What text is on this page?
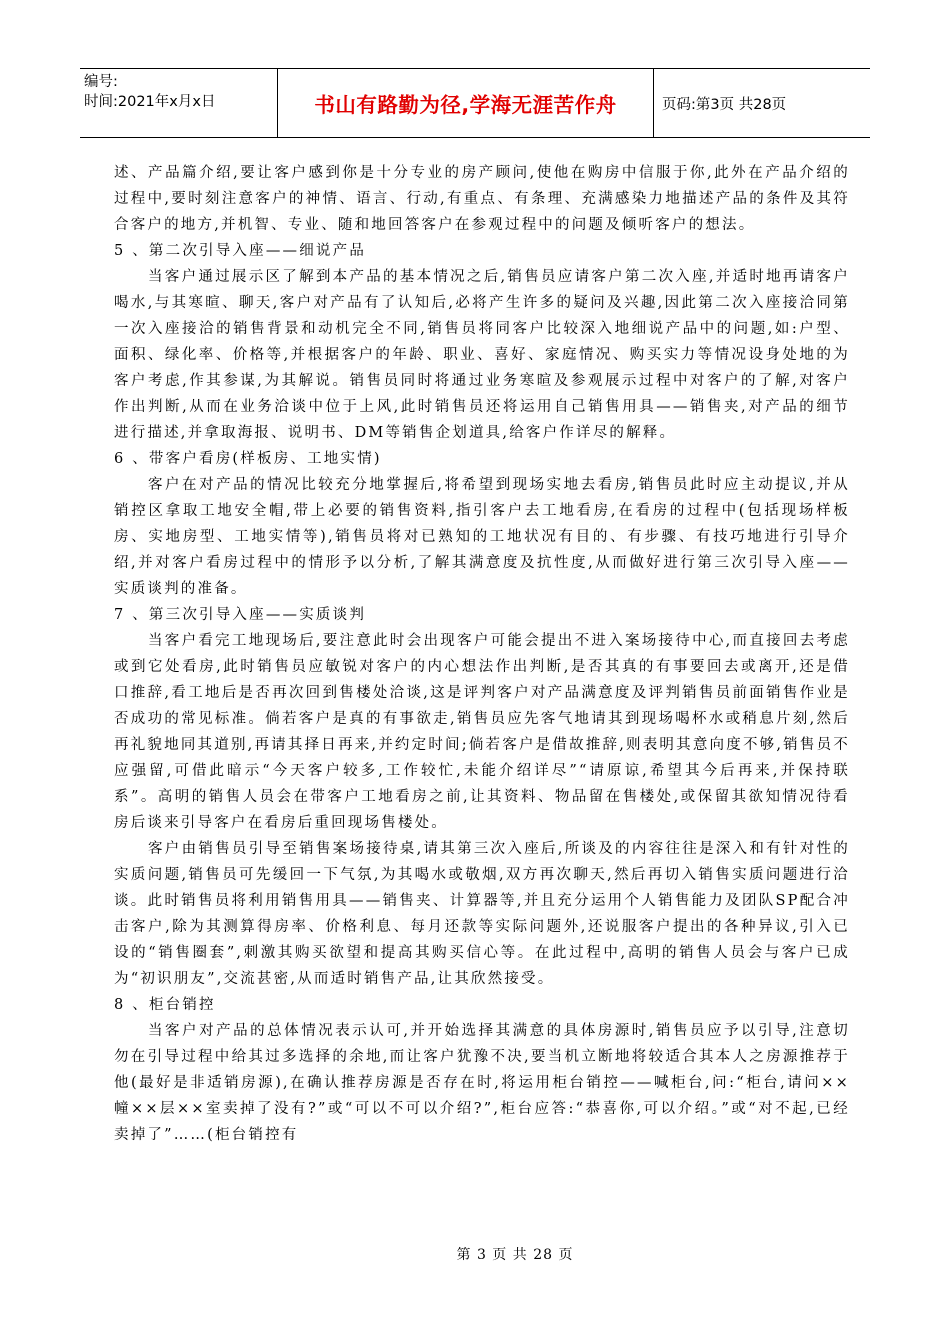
编号:
时间:2021年x月x日	书山有路勤为径,学海无涯苦作舟	页码:第3页 共28页

述、产品篇介绍,要让客户感到你是十分专业的房产顾问,使他在购房中信服于你,此外在产品介绍的过程中,要时刻注意客户的神情、语言、行动,有重点、有条理、充满感染力地描述产品的条件及其符合客户的地方,并机智、专业、随和地回答客户在参观过程中的问题及倾听客户的想法。

5 、第二次引导入座——细说产品

当客户通过展示区了解到本产品的基本情况之后,销售员应请客户第二次入座,并适时地再请客户喝水,与其寒暄、聊天,客户对产品有了认知后,必将产生许多的疑问及兴趣,因此第二次入座接洽同第一次入座接洽的销售背景和动机完全不同,销售员将同客户比较深入地细说产品中的问题,如:户型、面积、绿化率、价格等,并根据客户的年龄、职业、喜好、家庭情况、购买实力等情况设身处地的为客户考虑,作其参谋,为其解说。销售员同时将通过业务寒暄及参观展示过程中对客户的了解,对客户作出判断,从而在业务洽谈中位于上风,此时销售员还将运用自己销售用具——销售夹,对产品的细节进行描述,并拿取海报、说明书、DM等销售企划道具,给客户作详尽的解释。

6 、带客户看房(样板房、工地实情)

客户在对产品的情况比较充分地掌握后,将希望到现场实地去看房,销售员此时应主动提议,并从销控区拿取工地安全帽,带上必要的销售资料,指引客户去工地看房,在看房的过程中(包括现场样板房、实地房型、工地实情等),销售员将对已熟知的工地状况有目的、有步骤、有技巧地进行引导介绍,并对客户看房过程中的情形予以分析,了解其满意度及抗性度,从而做好进行第三次引导入座——实质谈判的准备。

7 、第三次引导入座——实质谈判

当客户看完工地现场后,要注意此时会出现客户可能会提出不进入案场接待中心,而直接回去考虑或到它处看房,此时销售员应敏锐对客户的内心想法作出判断,是否其真的有事要回去或离开,还是借口推辞,看工地后是否再次回到售楼处洽谈,这是评判客户对产品满意度及评判销售员前面销售作业是否成功的常见标准。倘若客户是真的有事欲走,销售员应先客气地请其到现场喝杯水或稍息片刻,然后再礼貌地同其道别,再请其择日再来,并约定时间;倘若客户是借故推辞,则表明其意向度不够,销售员不应强留,可借此暗示“今天客户较多,工作较忙,未能介绍详尽”“请原谅,希望其今后再来,并保持联系”。高明的销售人员会在带客户工地看房之前,让其资料、物品留在售楼处,或保留其欲知情况待看房后谈来引导客户在看房后重回现场售楼处。

客户由销售员引导至销售案场接待桌,请其第三次入座后,所谈及的内容往往是深入和有针对性的实质问题,销售员可先缓回一下气氛,为其喝水或敬烟,双方再次聊天,然后再切入销售实质问题进行洽谈。此时销售员将利用销售用具——销售夹、计算器等,并且充分运用个人销售能力及团队SP配合冲击客户,除为其测算得房率、价格利息、每月还款等实际问题外,还说服客户提出的各种异议,引入已设的“销售圈套”,刺激其购买欲望和提高其购买信心等。在此过程中,高明的销售人员会与客户已成为“初识朋友”,交流甚密,从而适时销售产品,让其欣然接受。

8 、柜台销控

当客户对产品的总体情况表示认可,并开始选择其满意的具体房源时,销售员应予以引导,注意切勿在引导过程中给其过多选择的余地,而让客户犹豫不决,要当机立断地将较适合其本人之房源推荐于他(最好是非适销房源),在确认推荐房源是否存在时,将运用柜台销控——喊柜台,问:“柜台,请问××幢××层××室卖掉了没有?”或“可以不可以介绍?”,柜台应答:“恭喜你,可以介绍。”或“对不起,已经卖掉了”……(柜台销控有

第 3 页 共 28 页
